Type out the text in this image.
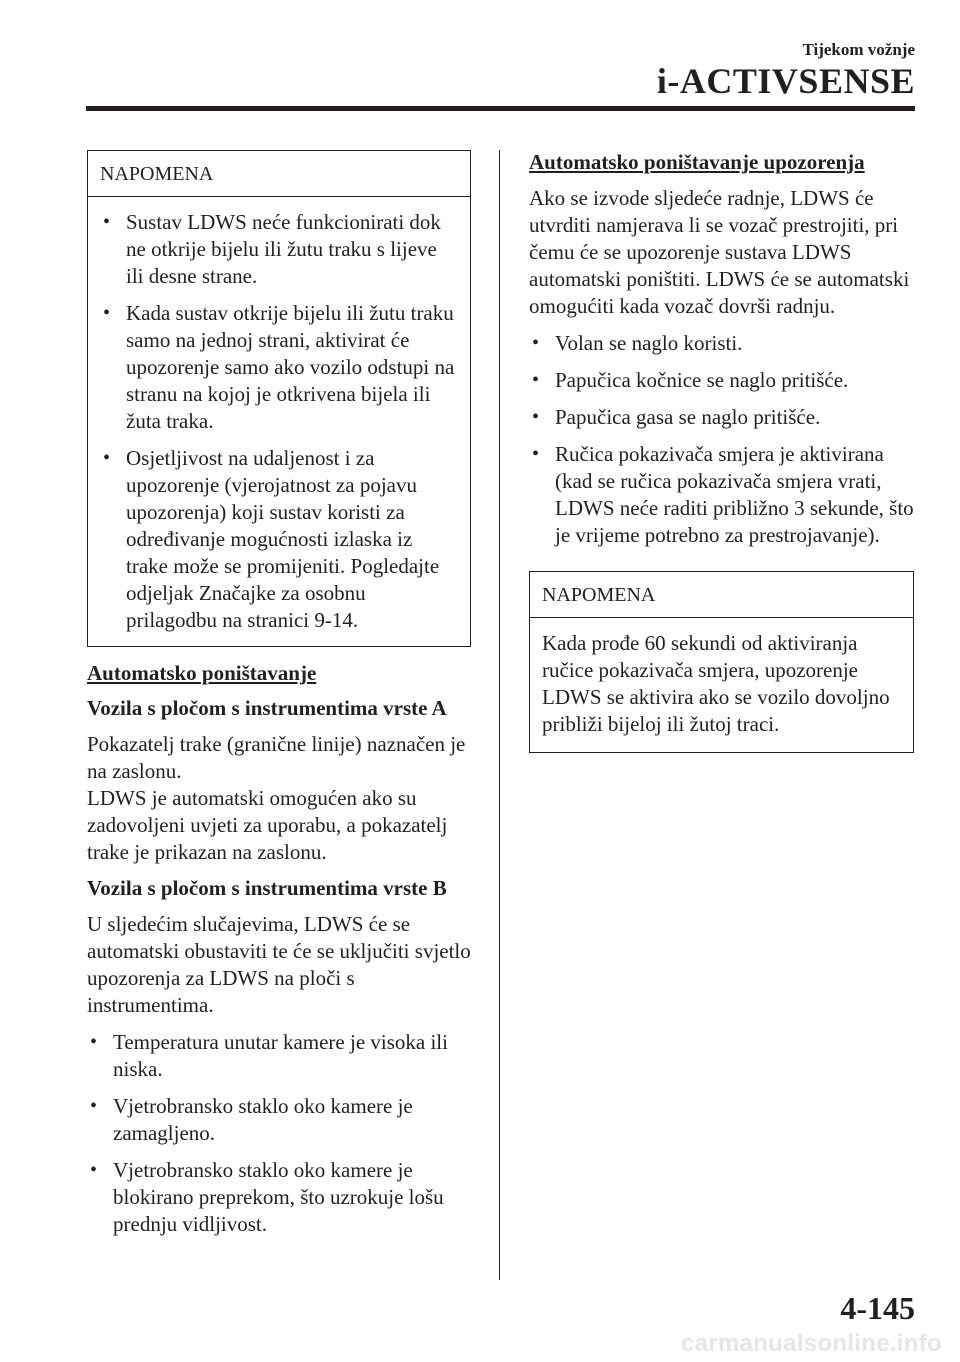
Tijekom vožnje
i-ACTIVSENSE
NAPOMENA
• Sustav LDWS neće funkcionirati dok ne otkrije bijelu ili žutu traku s lijeve ili desne strane.
• Kada sustav otkrije bijelu ili žutu traku samo na jednoj strani, aktivirat će upozorenje samo ako vozilo odstupi na stranu na kojoj je otkrivena bijela ili žuta traka.
• Osjetljivost na udaljenost i za upozorenje (vjerojatnost za pojavu upozorenja) koji sustav koristi za određivanje mogućnosti izlaska iz trake može se promijeniti. Pogledajte odjeljak Značajke za osobnu prilagodbu na stranici 9-14.
Automatsko poništavanje
Vozila s pločom s instrumentima vrste A

Pokazatelj trake (granične linije) naznačen je na zaslonu.

LDWS je automatski omogućen ako su zadovoljeni uvjeti za uporabu, a pokazatelj trake je prikazan na zaslonu.

Vozila s pločom s instrumentima vrste B

U sljedećim slučajevima, LDWS će se automatski obustaviti te će se uključiti svjetlo upozorenja za LDWS na ploči s instrumentima.

• Temperatura unutar kamere je visoka ili niska.
• Vjetrobransko staklo oko kamere je zamagljeno.
• Vjetrobransko staklo oko kamere je blokirano preprekom, što uzrokuje lošu prednju vidljivost.
Automatsko poništavanje upozorenja

Ako se izvode sljedeće radnje, LDWS će utvrditi namjerava li se vozač prestrojiti, pri čemu će se upozorenje sustava LDWS automatski poništiti. LDWS će se automatski omogućiti kada vozač dovrši radnju.

• Volan se naglo koristi.
• Papučica kočnice se naglo pritišće.
• Papučica gasa se naglo pritišće.
• Ručica pokazivača smjera je aktivirana (kad se ručica pokazivača smjera vrati, LDWS neće raditi približno 3 sekunde, što je vrijeme potrebno za prestrojavanje).
NAPOMENA

Kada prođe 60 sekundi od aktiviranja ručice pokazivača smjera, upozorenje LDWS se aktivira ako se vozilo dovoljno približi bijeloj ili žutoj traci.

4-145
carmanualsonline.info
